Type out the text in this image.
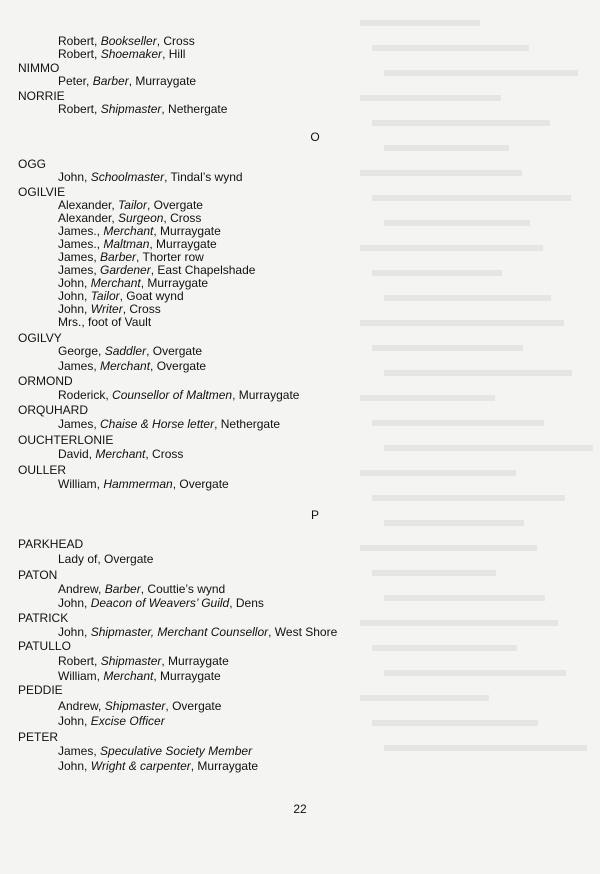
Robert, Bookseller, Cross
Robert, Shoemaker, Hill
NIMMO
Peter, Barber, Murraygate
NORRIE
Robert, Shipmaster, Nethergate
O
OGG
John, Schoolmaster, Tindal’s wynd
OGILVIE
Alexander, Tailor, Overgate
Alexander, Surgeon, Cross
James., Merchant, Murraygate
James., Maltman, Murraygate
James, Barber, Thorter row
James, Gardener, East Chapelshade
John, Merchant, Murraygate
John, Tailor, Goat wynd
John, Writer, Cross
Mrs., foot of Vault
OGILVY
George, Saddler, Overgate
James, Merchant, Overgate
ORMOND
Roderick, Counsellor of Maltmen, Murraygate
ORQUHARD
James, Chaise & Horse letter, Nethergate
OUCHTERLONIE
David, Merchant, Cross
OULLER
William, Hammerman, Overgate
P
PARKHEAD
Lady of, Overgate
PATON
Andrew, Barber, Couttie’s wynd
John, Deacon of Weavers’ Guild, Dens
PATRICK
John, Shipmaster, Merchant Counsellor, West Shore
PATULLO
Robert, Shipmaster, Murraygate
William, Merchant, Murraygate
PEDDIE
Andrew, Shipmaster, Overgate
John, Excise Officer
PETER
James, Speculative Society Member
John, Wright & carpenter, Murraygate
22
